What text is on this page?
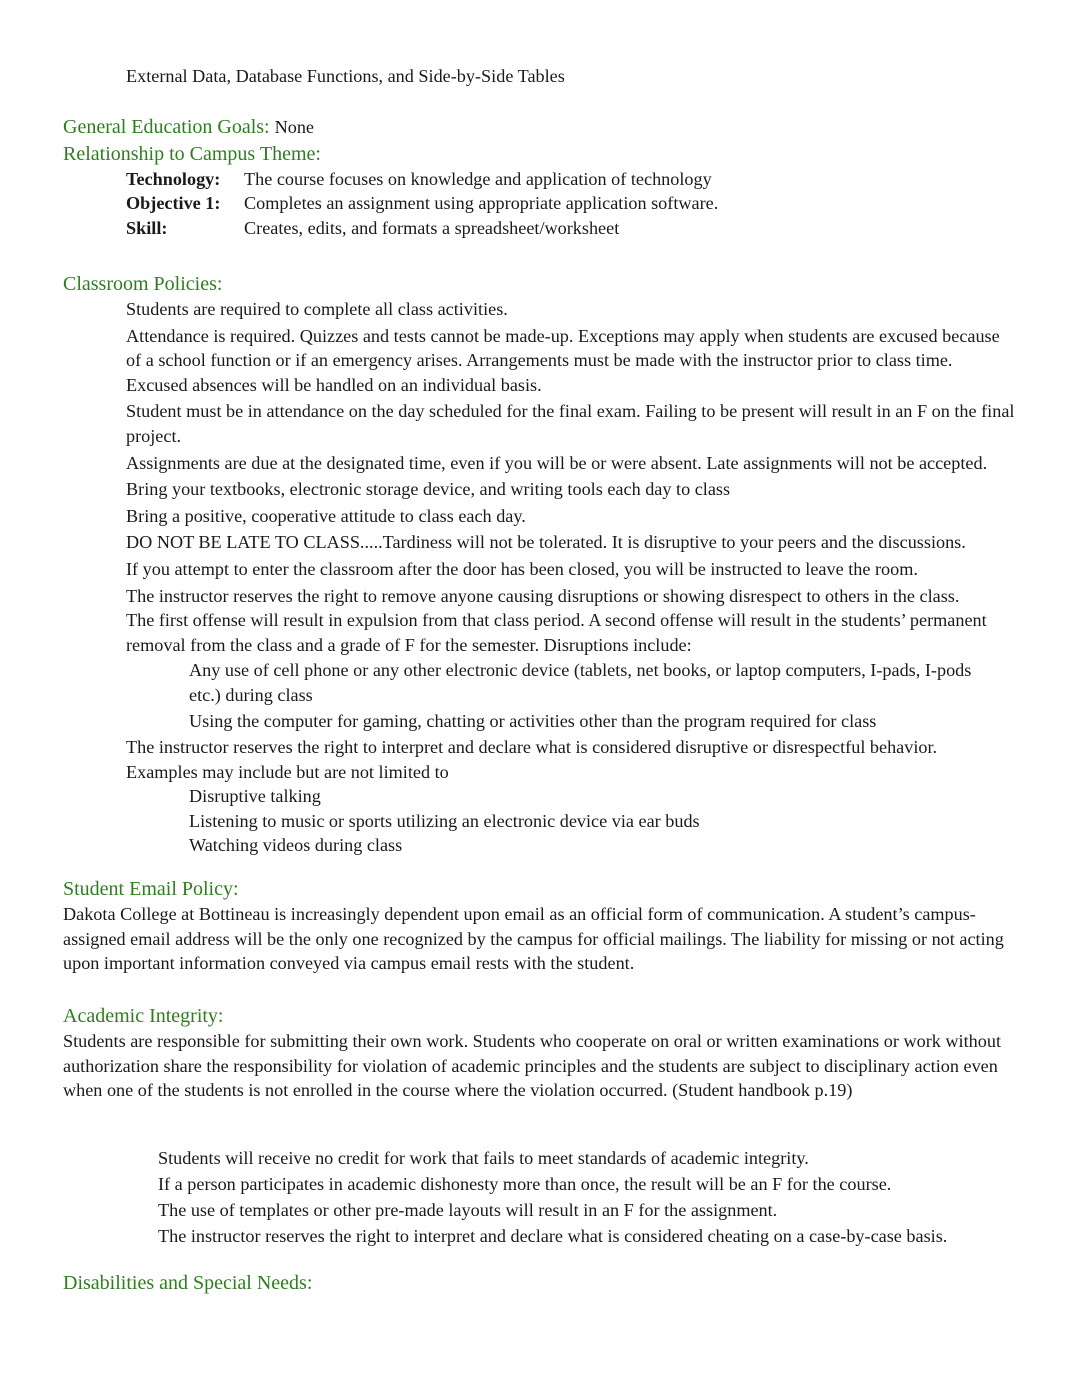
External Data, Database Functions, and Side-by-Side Tables
General Education Goals: None
Relationship to Campus Theme:
Technology:	The course focuses on knowledge and application of technology
Objective 1:	Completes an assignment using appropriate application software.
Skill:	Creates, edits, and formats a spreadsheet/worksheet
Classroom Policies:
Students are required to complete all class activities.
Attendance is required. Quizzes and tests cannot be made-up. Exceptions may apply when students are excused because of a school function or if an emergency arises. Arrangements must be made with the instructor prior to class time. Excused absences will be handled on an individual basis.
Student must be in attendance on the day scheduled for the final exam. Failing to be present will result in an F on the final project.
Assignments are due at the designated time, even if you will be or were absent. Late assignments will not be accepted.
Bring your textbooks, electronic storage device, and writing tools each day to class
Bring a positive, cooperative attitude to class each day.
DO NOT BE LATE TO CLASS.....Tardiness will not be tolerated. It is disruptive to your peers and the discussions.
If you attempt to enter the classroom after the door has been closed, you will be instructed to leave the room.
The instructor reserves the right to remove anyone causing disruptions or showing disrespect to others in the class.
The first offense will result in expulsion from that class period. A second offense will result in the students’ permanent removal from the class and a grade of F for the semester. Disruptions include:
Any use of cell phone or any other electronic device (tablets, net books, or laptop computers, I-pads, I-pods etc.) during class
Using the computer for gaming, chatting or activities other than the program required for class
The instructor reserves the right to interpret and declare what is considered disruptive or disrespectful behavior.
Examples may include but are not limited to
Disruptive talking
Listening to music or sports utilizing an electronic device via ear buds
Watching videos during class
Student Email Policy:
Dakota College at Bottineau is increasingly dependent upon email as an official form of communication. A student’s campus-assigned email address will be the only one recognized by the campus for official mailings. The liability for missing or not acting upon important information conveyed via campus email rests with the student.
Academic Integrity:
Students are responsible for submitting their own work. Students who cooperate on oral or written examinations or work without authorization share the responsibility for violation of academic principles and the students are subject to disciplinary action even when one of the students is not enrolled in the course where the violation occurred. (Student handbook p.19)
Students will receive no credit for work that fails to meet standards of academic integrity.
If a person participates in academic dishonesty more than once, the result will be an F for the course.
The use of templates or other pre-made layouts will result in an F for the assignment.
The instructor reserves the right to interpret and declare what is considered cheating on a case-by-case basis.
Disabilities and Special Needs:
